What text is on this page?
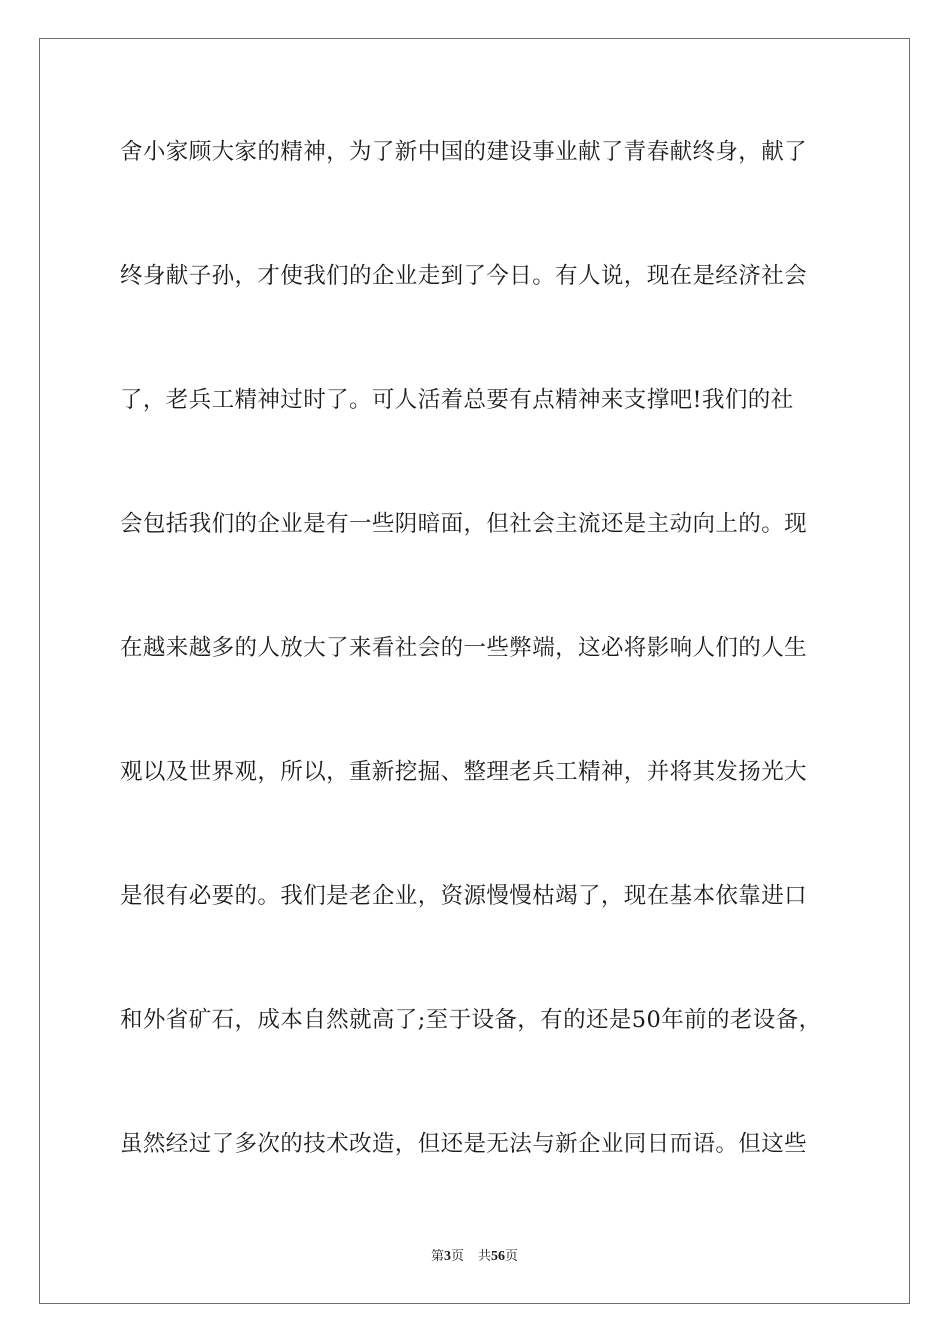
舍小家顾大家的精神，为了新中国的建设事业献了青春献终身，献了
终身献子孙，才使我们的企业走到了今日。有人说，现在是经济社会
了，老兵工精神过时了。可人活着总要有点精神来支撑吧!我们的社
会包括我们的企业是有一些阴暗面，但社会主流还是主动向上的。现
在越来越多的人放大了来看社会的一些弊端，这必将影响人们的人生
观以及世界观，所以，重新挖掘、整理老兵工精神，并将其发扬光大
是很有必要的。我们是老企业，资源慢慢枯竭了，现在基本依靠进口
和外省矿石，成本自然就高了;至于设备，有的还是50年前的老设备，
虽然经过了多次的技术改造，但还是无法与新企业同日而语。但这些
第3页 共56页
